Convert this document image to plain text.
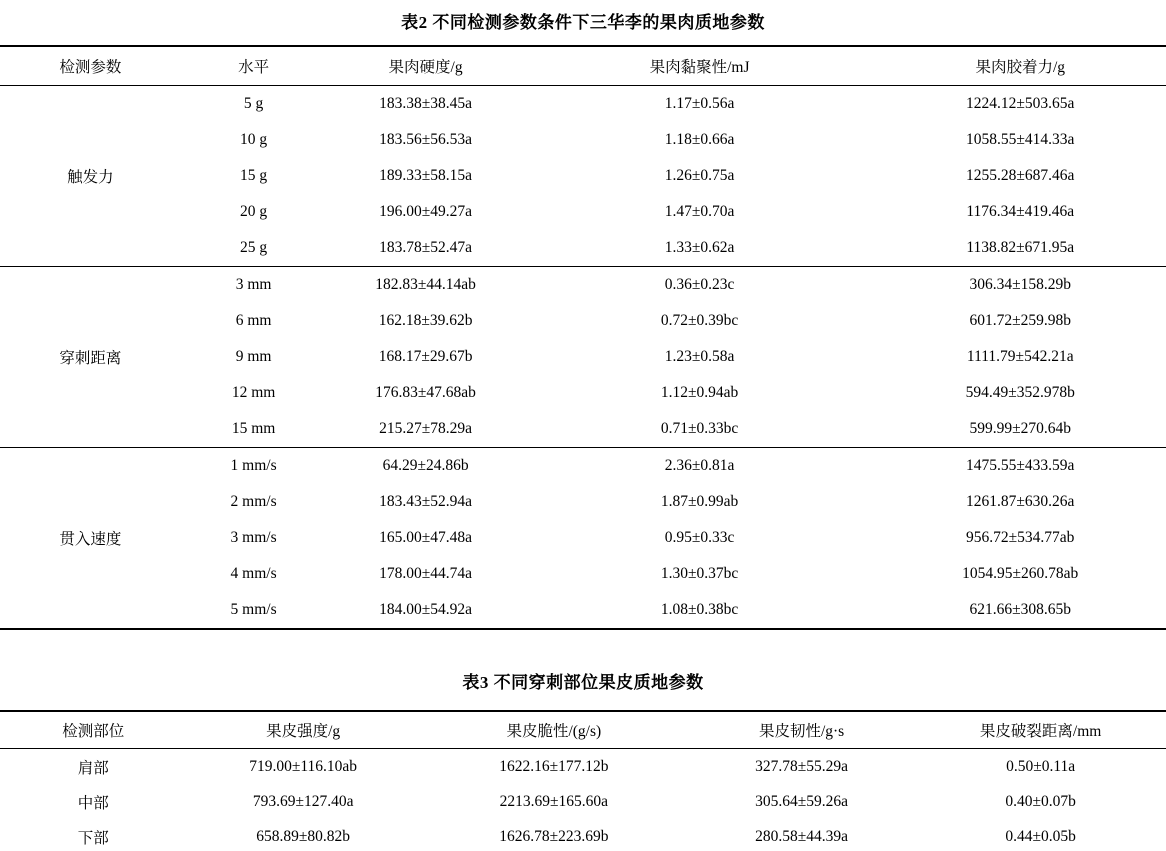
表2 不同检测参数条件下三华李的果肉质地参数
检测参数	水平	果肉硬度/g	果肉黏聚性/mJ	果肉胶着力/g
触发力	5 g	183.38±38.45a	1.17±0.56a	1224.12±503.65a
	10 g	183.56±56.53a	1.18±0.66a	1058.55±414.33a
	15 g	189.33±58.15a	1.26±0.75a	1255.28±687.46a
	20 g	196.00±49.27a	1.47±0.70a	1176.34±419.46a
	25 g	183.78±52.47a	1.33±0.62a	1138.82±671.95a
穿刺距离	3 mm	182.83±44.14ab	0.36±0.23c	306.34±158.29b
	6 mm	162.18±39.62b	0.72±0.39bc	601.72±259.98b
	9 mm	168.17±29.67b	1.23±0.58a	1111.79±542.21a
	12 mm	176.83±47.68ab	1.12±0.94ab	594.49±352.978b
	15 mm	215.27±78.29a	0.71±0.33bc	599.99±270.64b
贯入速度	1 mm/s	64.29±24.86b	2.36±0.81a	1475.55±433.59a
	2 mm/s	183.43±52.94a	1.87±0.99ab	1261.87±630.26a
	3 mm/s	165.00±47.48a	0.95±0.33c	956.72±534.77ab
	4 mm/s	178.00±44.74a	1.30±0.37bc	1054.95±260.78ab
	5 mm/s	184.00±54.92a	1.08±0.38bc	621.66±308.65b
表3 不同穿刺部位果皮质地参数
检测部位	果皮强度/g	果皮脆性/(g/s)	果皮韧性/g·s	果皮破裂距离/mm
肩部	719.00±116.10ab	1622.16±177.12b	327.78±55.29a	0.50±0.11a
中部	793.69±127.40a	2213.69±165.60a	305.64±59.26a	0.40±0.07b
下部	658.89±80.82b	1626.78±223.69b	280.58±44.39a	0.44±0.05b
